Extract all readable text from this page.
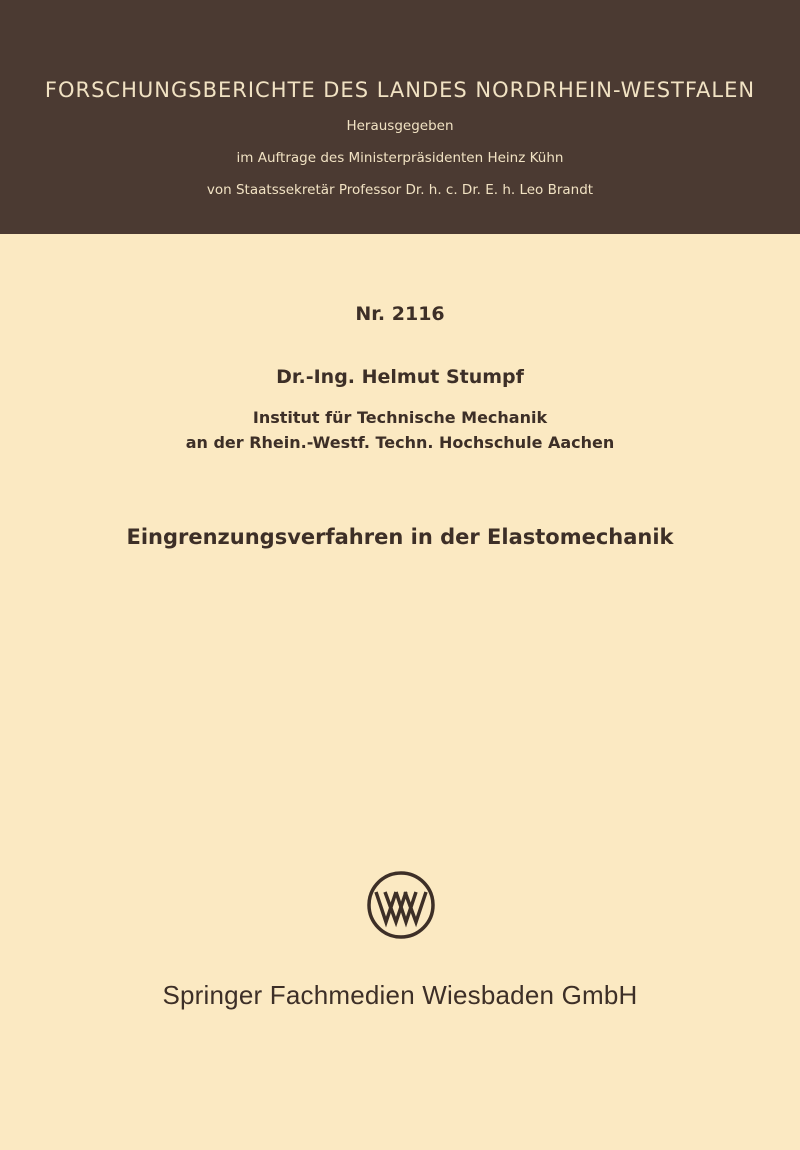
FORSCHUNGSBERICHTE DES LANDES NORDRHEIN-WESTFALEN
Herausgegeben
im Auftrage des Ministerpräsidenten Heinz Kühn
von Staatssekretär Professor Dr. h. c. Dr. E. h. Leo Brandt
Nr. 2116
Dr.-Ing. Helmut Stumpf
Institut für Technische Mechanik
an der Rhein.-Westf. Techn. Hochschule Aachen
Eingrenzungsverfahren in der Elastomechanik
Springer Fachmedien Wiesbaden GmbH
